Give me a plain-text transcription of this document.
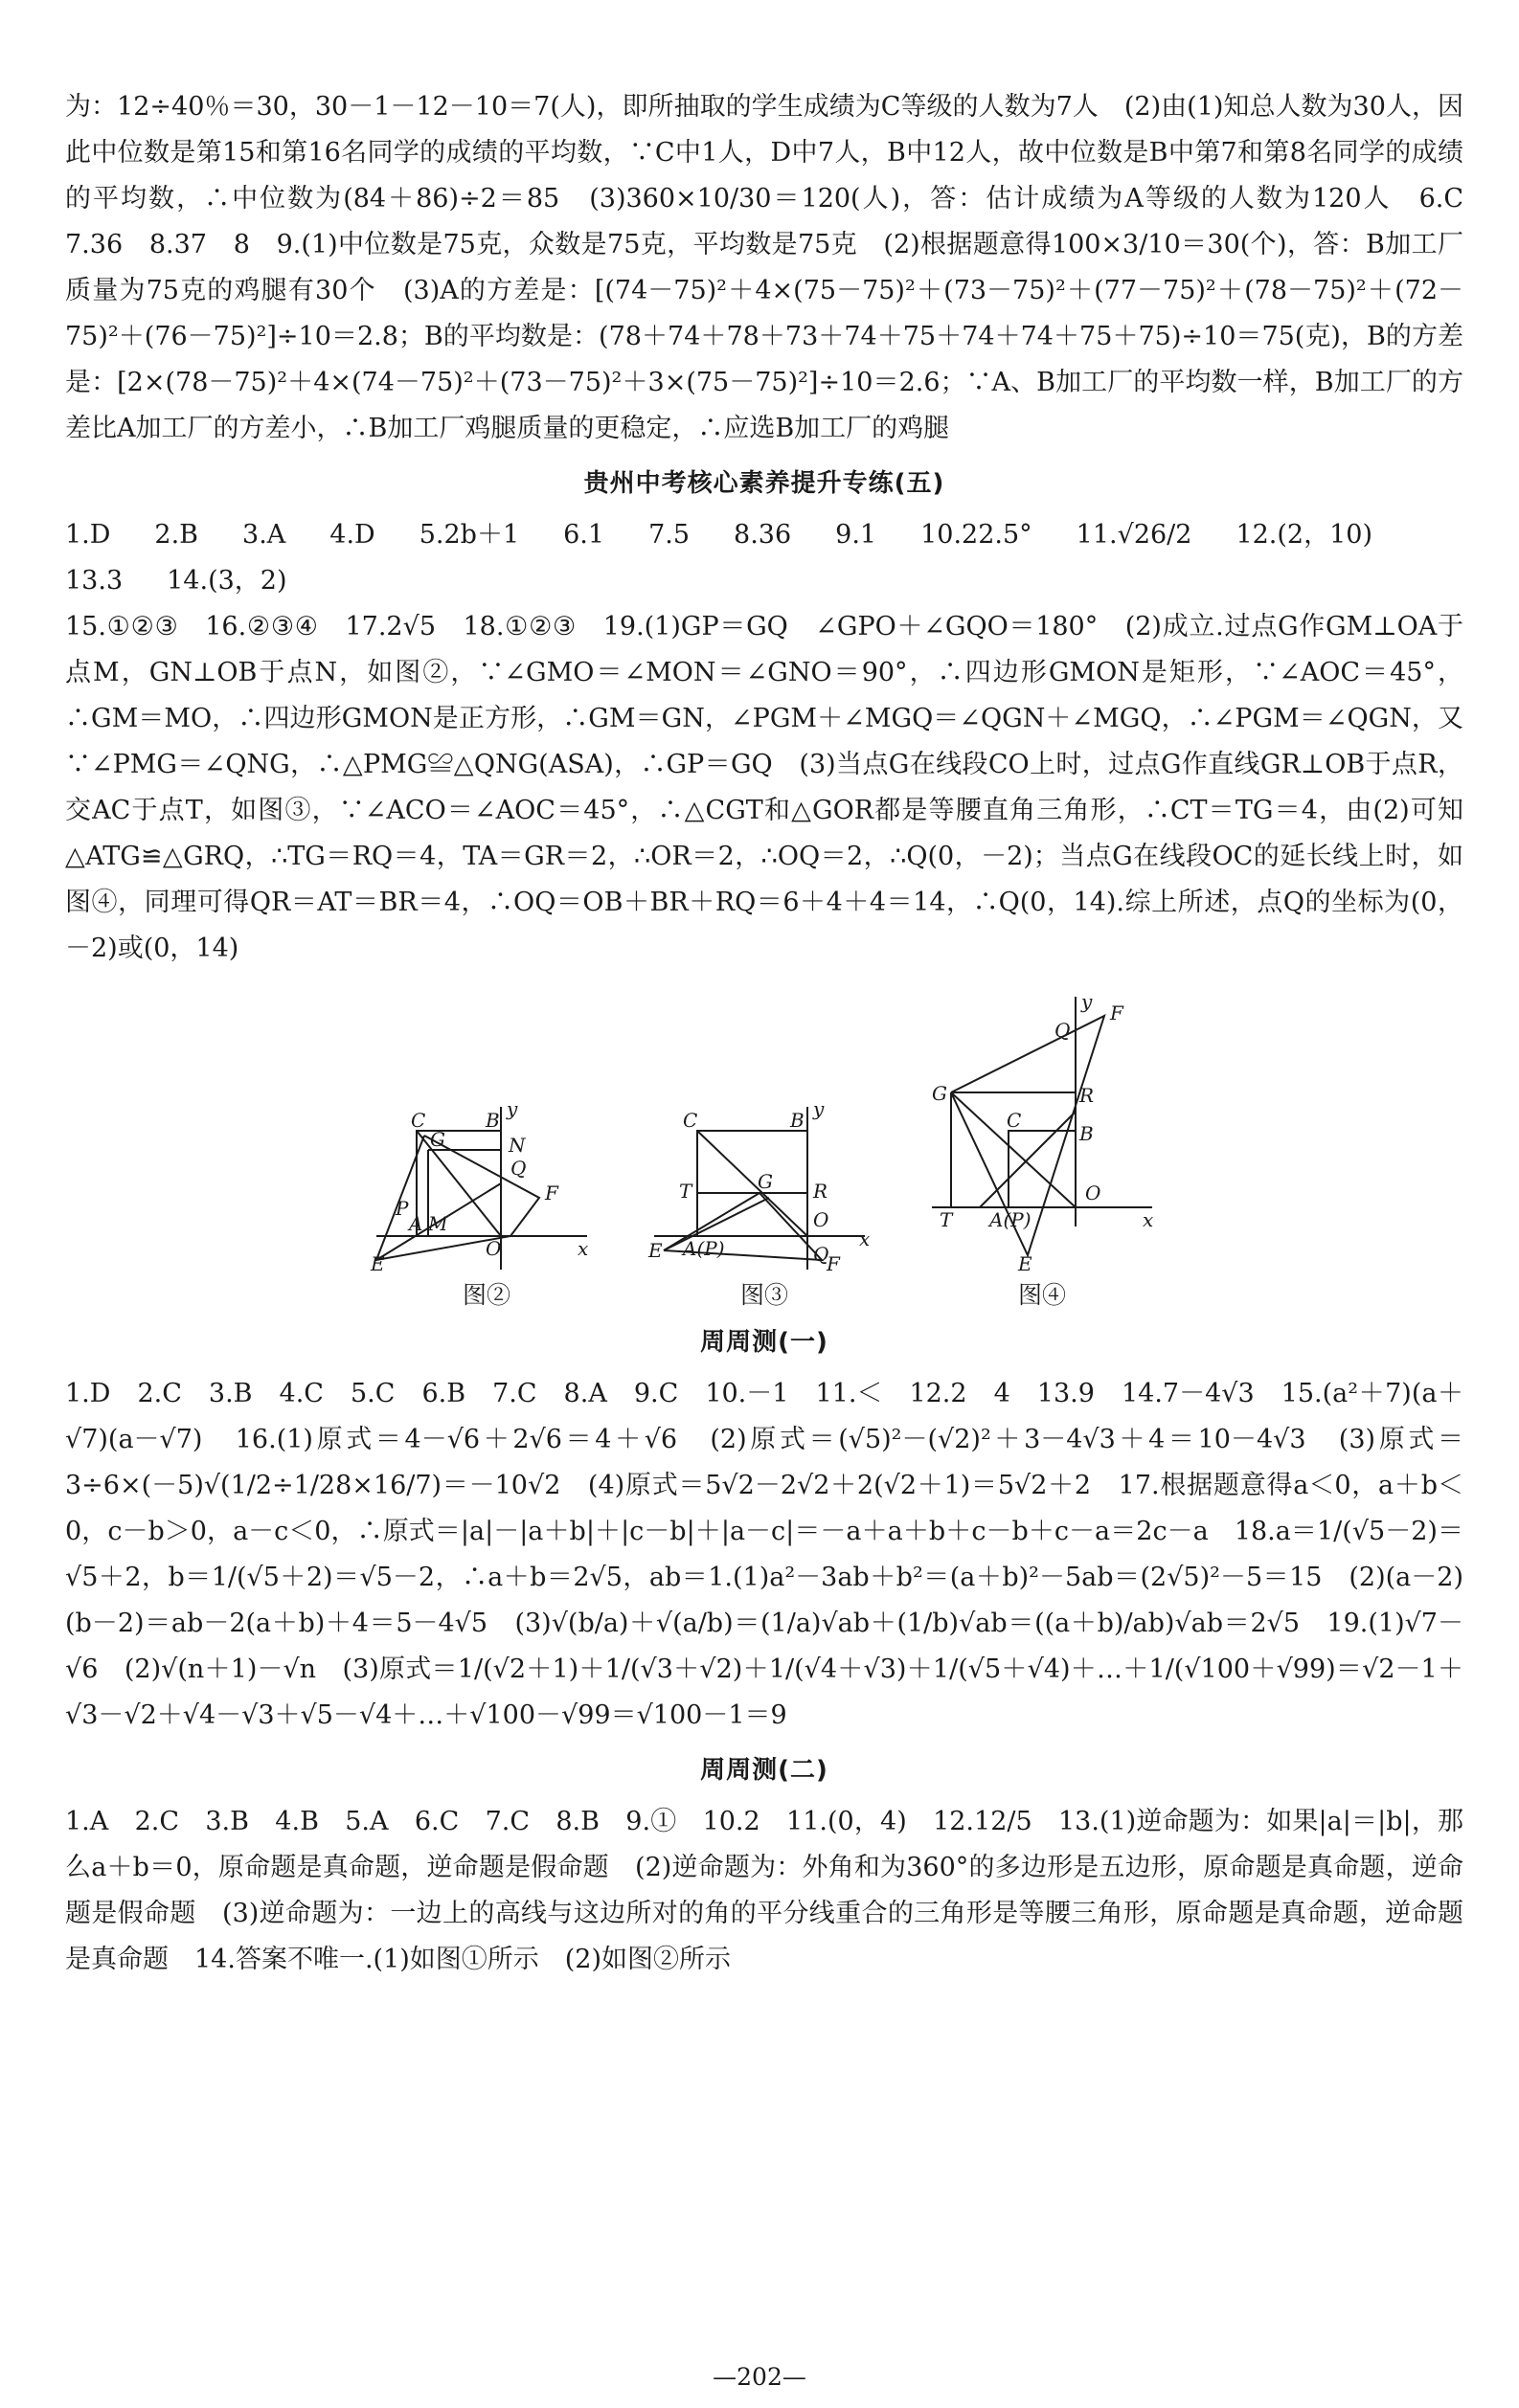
为：12÷40％＝30，30－1－12－10＝7(人)，即所抽取的学生成绩为C等级的人数为7人　(2)由(1)知总人数为30人，因此中位数是第15和第16名同学的成绩的平均数，∵C中1人，D中7人，B中12人，故中位数是B中第7和第8名同学的成绩的平均数，∴中位数为(84＋86)÷2＝85　(3)360×10/30＝120(人)，答：估计成绩为A等级的人数为120人　6.C　7.36　8.37　8　9.(1)中位数是75克，众数是75克，平均数是75克　(2)根据题意得100×3/10＝30(个)，答：B加工厂质量为75克的鸡腿有30个　(3)A的方差是：[(74－75)²＋4×(75－75)²＋(73－75)²＋(77－75)²＋(78－75)²＋(72－75)²＋(76－75)²]÷10＝2.8；B的平均数是：(78＋74＋78＋73＋74＋75＋74＋74＋75＋75)÷10＝75(克)，B的方差是：[2×(78－75)²＋4×(74－75)²＋(73－75)²＋3×(75－75)²]÷10＝2.6；∵A、B加工厂的平均数一样，B加工厂的方差比A加工厂的方差小，∴B加工厂鸡腿质量的更稳定，∴应选B加工厂的鸡腿

贵州中考核心素养提升专练(五)
1.D 2.B 3.A 4.D 5.2b＋1 6.1 7.5 8.36 9.1 10.22.5° 11.√26/2 12.(2，10)
13.3 14.(3，2)

15.①②③　16.②③④　17.2√5　18.①②③　19.(1)GP＝GQ　∠GPO＋∠GQO＝180°　(2)成立.过点G作GM⊥OA于点M，GN⊥OB于点N，如图②，∵∠GMO＝∠MON＝∠GNO＝90°，∴四边形GMON是矩形，∵∠AOC＝45°，∴GM＝MO，∴四边形GMON是正方形，∴GM＝GN，∠PGM＋∠MGQ＝∠QGN＋∠MGQ，∴∠PGM＝∠QGN，又∵∠PMG＝∠QNG，∴△PMG≌△QNG(ASA)，∴GP＝GQ　(3)当点G在线段CO上时，过点G作直线GR⊥OB于点R，交AC于点T，如图③，∵∠ACO＝∠AOC＝45°，∴△CGT和△GOR都是等腰直角三角形，∴CT＝TG＝4，由(2)可知△ATG≌△GRQ，∴TG＝RQ＝4，TA＝GR＝2，∴OR＝2，∴OQ＝2，∴Q(0，－2)；当点G在线段OC的延长线上时，如图④，同理可得QR＝AT＝BR＝4，∴OQ＝OB＋BR＋RQ＝6＋4＋4＝14，∴Q(0，14).综上所述，点Q的坐标为(0，－2)或(0，14)

C
G
B
N
Q
F
P
A M
O	x
y
E
图②
C	B
T	G R
Q
O
x
y
E A(P)
F
图③
y
Q
F
G	R
C
B
O
T A(P)	x
E
图④
周周测(一)

1.D　2.C　3.B　4.C　5.C　6.B　7.C　8.A　9.C　10.－1　11.＜　12.2　4　13.9　14.7－4√3　15.(a²＋7)(a＋√7)(a－√7)　16.(1)原式＝4－√6＋2√6＝4＋√6　(2)原式＝(√5)²－(√2)²＋3－4√3＋4＝10－4√3　(3)原式＝3÷6×(－5)√(1/2÷1/28×16/7)＝－10√2　(4)原式＝5√2－2√2＋2(√2＋1)＝5√2＋2　17.根据题意得a＜0，a＋b＜0，c－b＞0，a－c＜0，∴原式＝|a|－|a＋b|＋|c－b|＋|a－c|＝－a＋a＋b＋c－b＋c－a＝2c－a　18.a＝1/(√5－2)＝√5＋2，b＝1/(√5＋2)＝√5－2，∴a＋b＝2√5，ab＝1.(1)a²－3ab＋b²＝(a＋b)²－5ab＝(2√5)²－5＝15　(2)(a－2)(b－2)＝ab－2(a＋b)＋4＝5－4√5　(3)√(b/a)＋√(a/b)＝(1/a)√ab＋(1/b)√ab＝((a＋b)/ab)√ab＝2√5　19.(1)√7－√6　(2)√(n＋1)－√n　(3)原式＝1/(√2＋1)＋1/(√3＋√2)＋1/(√4＋√3)＋1/(√5＋√4)＋…＋1/(√100＋√99)＝√2－1＋√3－√2＋√4－√3＋√5－√4＋…＋√100－√99＝√100－1＝9

周周测(二)

1.A　2.C　3.B　4.B　5.A　6.C　7.C　8.B　9.①　10.2　11.(0，4)　12.12/5　13.(1)逆命题为：如果|a|＝|b|，那么a＋b＝0，原命题是真命题，逆命题是假命题　(2)逆命题为：外角和为360°的多边形是五边形，原命题是真命题，逆命题是假命题　(3)逆命题为：一边上的高线与这边所对的角的平分线重合的三角形是等腰三角形，原命题是真命题，逆命题是真命题　14.答案不唯一.(1)如图①所示　(2)如图②所示

—202—
